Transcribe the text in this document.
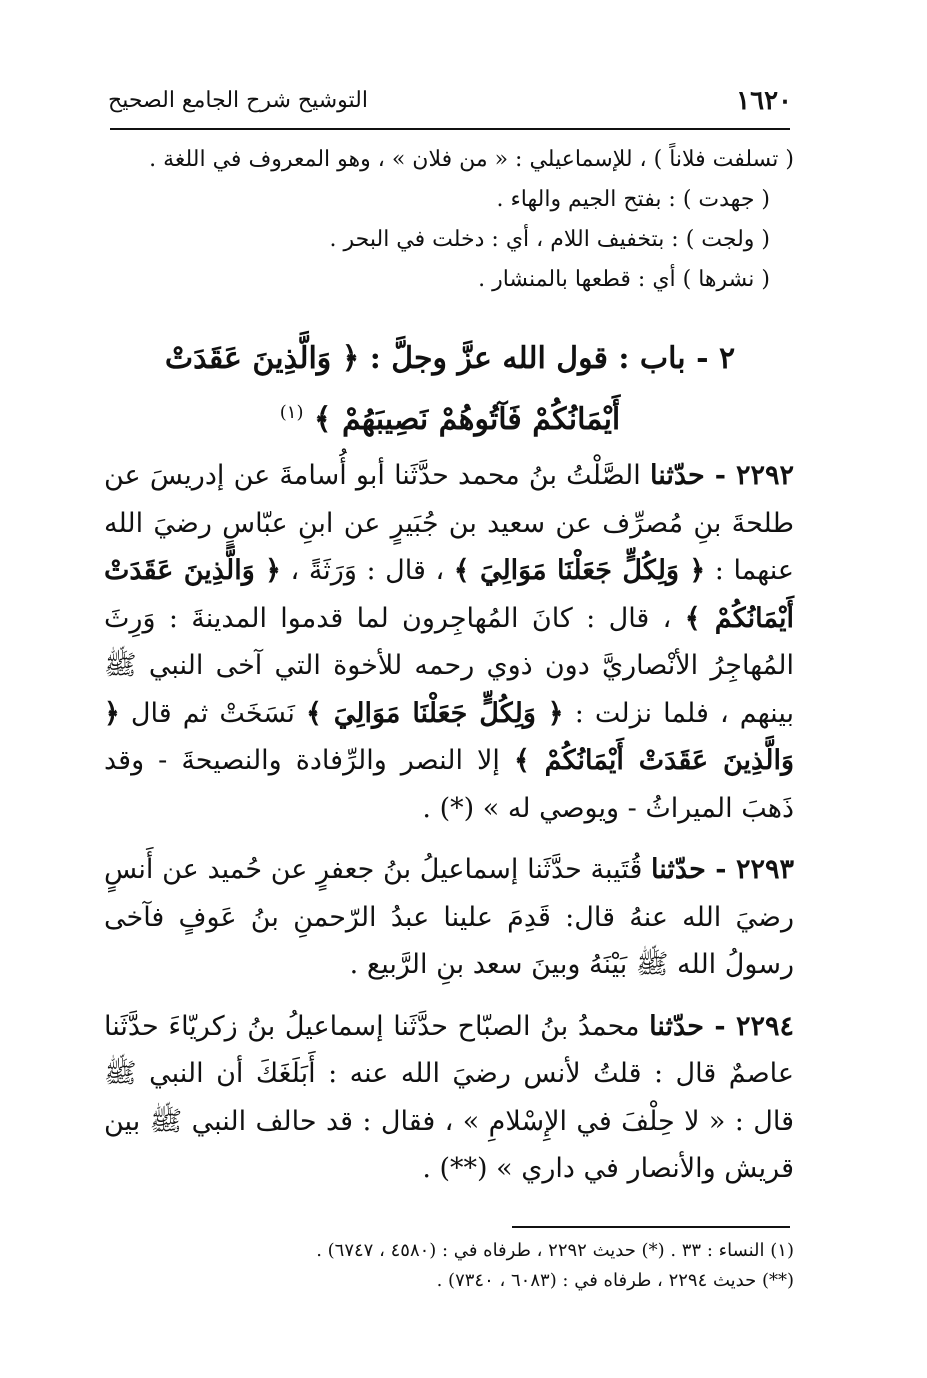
١٦٢٠
التوشيح شرح الجامع الصحيح
( تسلفت فلاناً ) ، للإسماعيلي : « من فلان » ، وهو المعروف في اللغة .
( جهدت ) : بفتح الجيم والهاء .
( ولجت ) : بتخفيف اللام ، أي : دخلت في البحر .
( نشرها ) أي : قطعها بالمنشار .
٢ - باب : قول الله عزَّ وجلَّ : ﴿ وَالَّذِينَ عَقَدَتْ
أَيْمَانُكُمْ فَآتُوهُمْ نَصِيبَهُمْ ﴾ $^{(١)}$

٢٢٩٢ - حدّثنا الصَّلْتُ بنُ محمد حدَّثَنا أبو أُسامةَ عن إدريسَ عن طلحةَ بنِ مُصرِّف عن سعيد بن جُبَيرٍ عن ابنِ عبّاسٍ رضيَ الله عنهما : ﴿ وَلِكُلٍّ جَعَلْنَا مَوَالِيَ ﴾ ، قال : وَرَثَةً ، ﴿ وَالَّذِينَ عَقَدَتْ أَيْمَانُكُمْ ﴾ ، قال : كانَ المُهاجِرون لما قدموا المدينةَ : وَرِثَ المُهاجِرُ الأنْصاريَّ دون ذوي رحمه للأخوة التي آخى النبي ﷺ بينهم ، فلما نزلت : ﴿ وَلِكُلٍّ جَعَلْنَا مَوَالِيَ ﴾ نَسَخَتْ ثم قال ﴿ وَالَّذِينَ عَقَدَتْ أَيْمَانُكُمْ ﴾ إلا النصر والرِّفادة والنصيحةَ - وقد ذَهبَ الميراثُ - ويوصي له » (*) .

٢٢٩٣ - حدّثنا قُتَيبة حدَّثَنا إسماعيلُ بنُ جعفرٍ عن حُميد عن أَنسٍ رضيَ الله عنهُ قال: قَدِمَ علينا عبدُ الرّحمنِ بنُ عَوفٍ فآخى رسولُ الله ﷺ بَيْنَهُ وبينَ سعد بنِ الرَّبيع .

٢٢٩٤ - حدّثنا محمدُ بنُ الصبّاح حدَّثَنا إسماعيلُ بنُ زكريّاءَ حدَّثَنا عاصمٌ قال : قلتُ لأنس رضيَ الله عنه : أَبَلَغَكَ أن النبي ﷺ قال : « لا حِلْفَ في الإِسْلامِ » ، فقال : قد حالف النبي ﷺ بين قريش والأنصار في داري » (**) .

(١) النساء : ٣٣ . (*) حديث ٢٢٩٢ ، طرفاه في : (٤٥٨٠ ، ٦٧٤٧) .
(**) حديث ٢٢٩٤ ، طرفاه في : (٦٠٨٣ ، ٧٣٤٠) .
